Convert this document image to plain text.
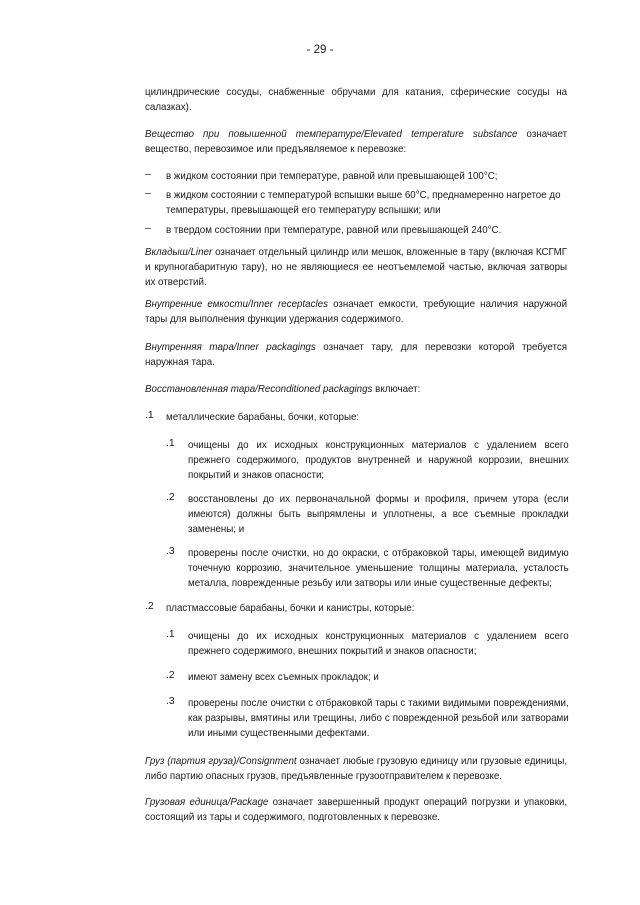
- 29 -
цилиндрические сосуды, снабженные обручами для катания, сферические сосуды на салазках).
Вещество при повышенной температуре/Elevated temperature substance означает вещество, перевозимое или предъявляемое к перевозке:
– в жидком состоянии при температуре, равной или превышающей 100°C;
– в жидком состоянии с температурой вспышки выше 60°C, преднамеренно нагретое до температуры, превышающей его температуру вспышки; или
– в твердом состоянии при температуре, равной или превышающей 240°C.
Вкладыш/Liner означает отдельный цилиндр или мешок, вложенные в тару (включая КСГМГ и крупногабаритную тару), но не являющиеся ее неотъемлемой частью, включая затворы их отверстий.
Внутренние емкости/Inner receptacles означает емкости, требующие наличия наружной тары для выполнения функции удержания содержимого.
Внутренняя тара/Inner packagings означает тару, для перевозки которой требуется наружная тара.
Восстановленная тара/Reconditioned packagings включает:
.1 металлические барабаны, бочки, которые:
.1 очищены до их исходных конструкционных материалов с удалением всего прежнего содержимого, продуктов внутренней и наружной коррозии, внешних покрытий и знаков опасности;
.2 восстановлены до их первоначальной формы и профиля, причем утора (если имеются) должны быть выпрямлены и уплотнены, а все съемные прокладки заменены; и
.3 проверены после очистки, но до окраски, с отбраковкой тары, имеющей видимую точечную коррозию, значительное уменьшение толщины материала, усталость металла, поврежденные резьбу или затворы или иные существенные дефекты;
.2 пластмассовые барабаны, бочки и канистры, которые:
.1 очищены до их исходных конструкционных материалов с удалением всего прежнего содержимого, внешних покрытий и знаков опасности;
.2 имеют замену всех съемных прокладок; и
.3 проверены после очистки с отбраковкой тары с такими видимыми повреждениями, как разрывы, вмятины или трещины, либо с поврежденной резьбой или затворами или иными существенными дефектами.
Груз (партия груза)/Consignment означает любые грузовую единицу или грузовые единицы, либо партию опасных грузов, предъявленные грузоотправителем к перевозке.
Грузовая единица/Package означает завершенный продукт операций погрузки и упаковки, состоящий из тары и содержимого, подготовленных к перевозке.
